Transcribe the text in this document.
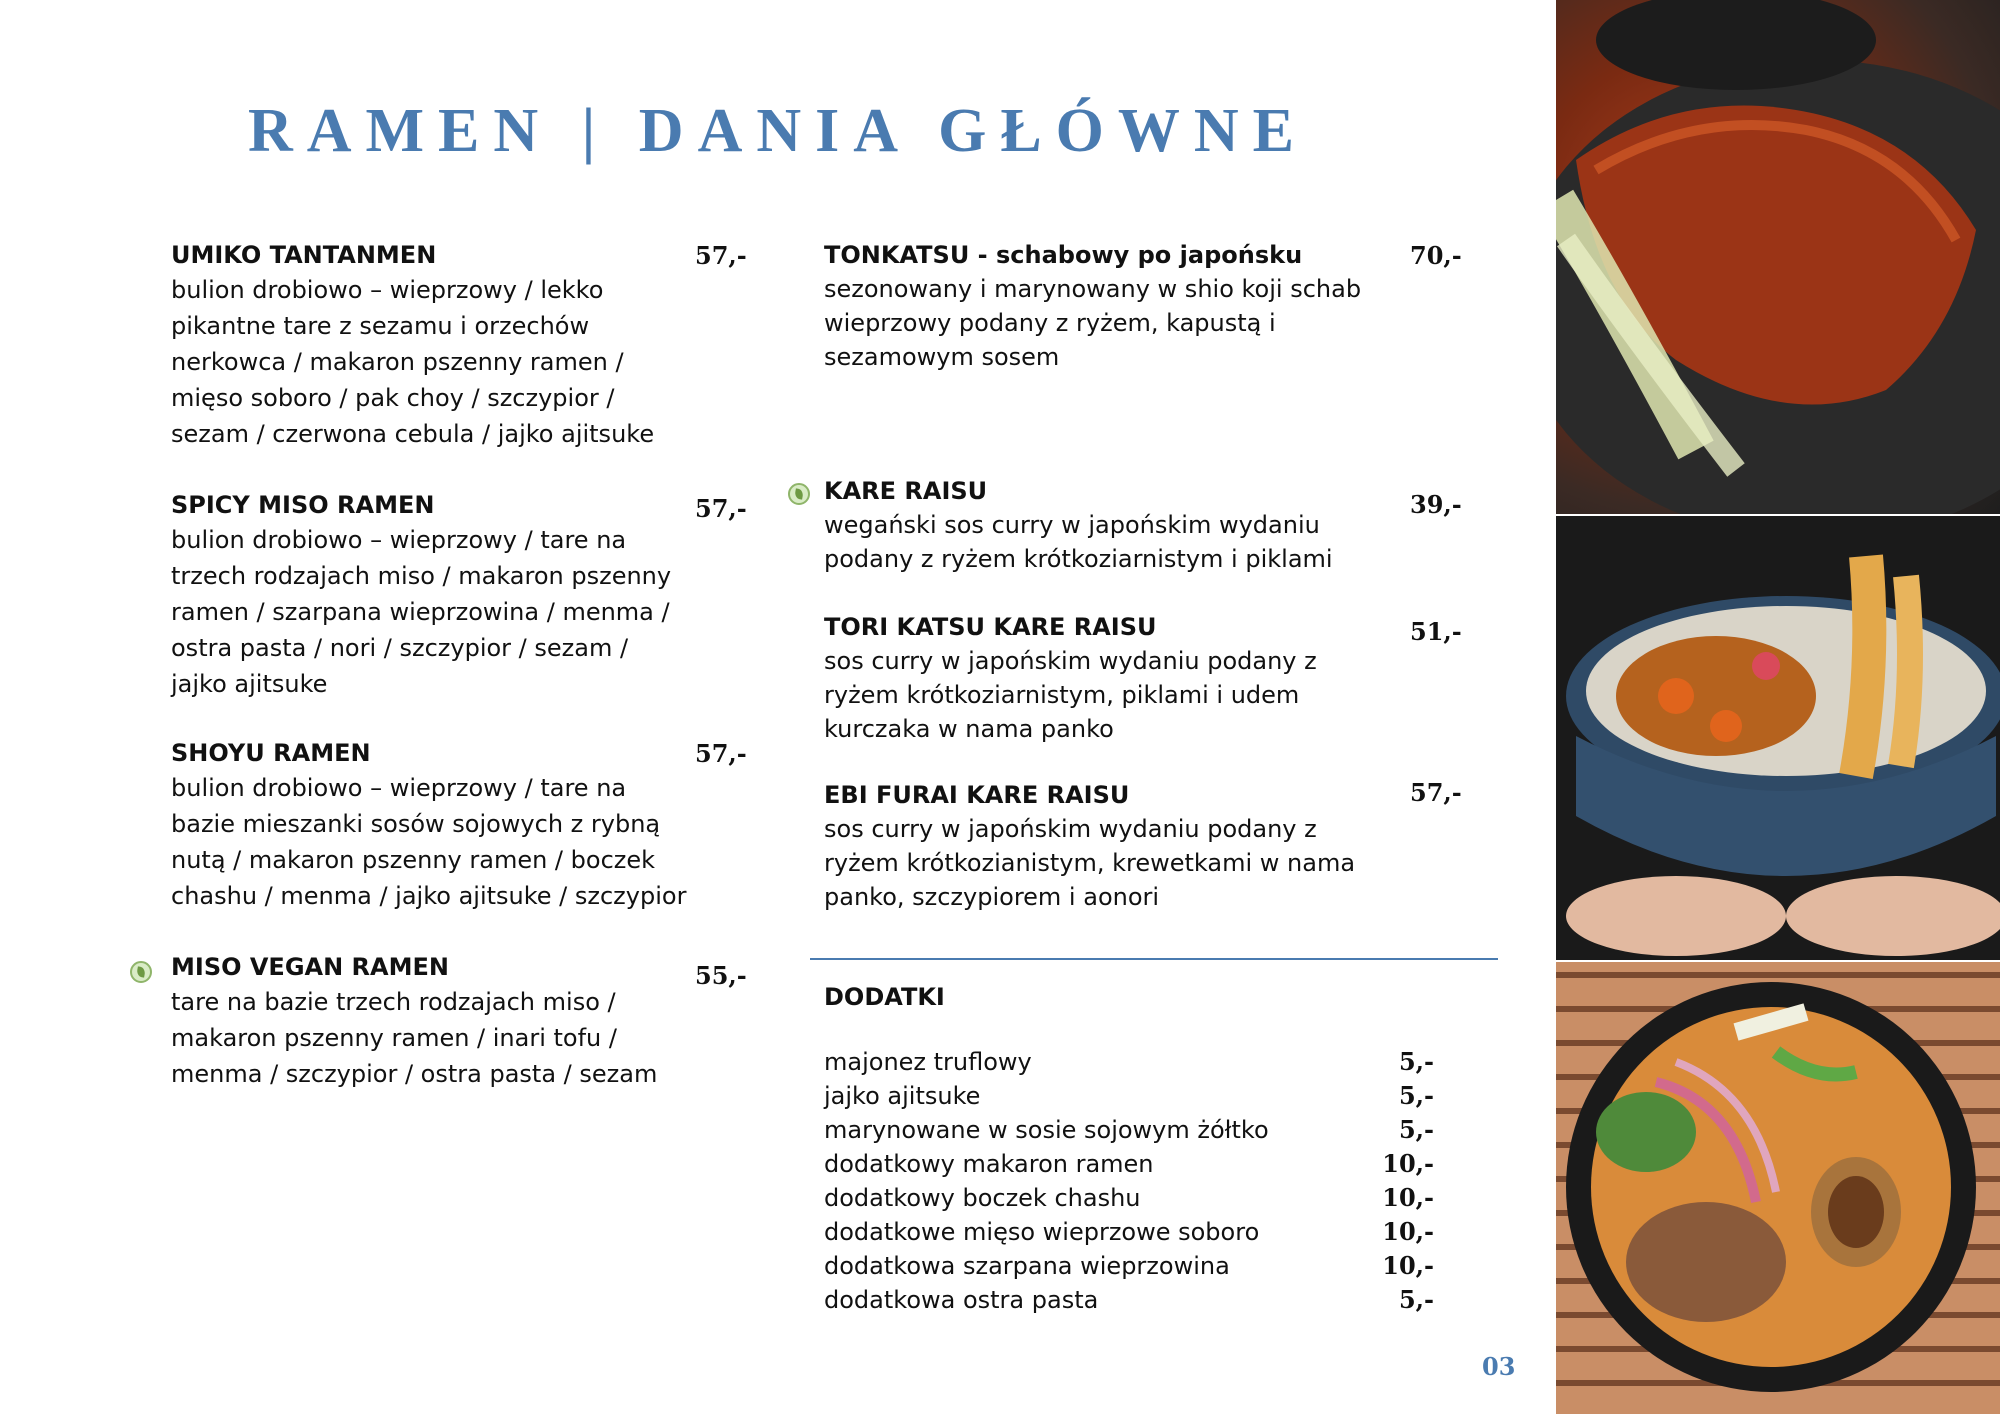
RAMEN | DANIA GŁÓWNE

UMIKO TANTANMEN

bulion drobiowo – wieprzowy / lekko pikantne tare z sezamu i orzechów nerkowca / makaron pszenny ramen / mięso soboro / pak choy / szczypior / sezam / czerwona cebula / jajko ajitsuke

57,-

SPICY MISO RAMEN

bulion drobiowo – wieprzowy / tare na trzech rodzajach miso / makaron pszenny ramen / szarpana wieprzowina / menma / ostra pasta / nori / szczypior / sezam / jajko ajitsuke

57,-

SHOYU RAMEN

bulion drobiowo – wieprzowy / tare na bazie mieszanki sosów sojowych z rybną nutą / makaron pszenny ramen / boczek chashu / menma / jajko ajitsuke / szczypior

57,-

MISO VEGAN RAMEN

tare na bazie trzech rodzajach miso / makaron pszenny ramen / inari tofu / menma / szczypior / ostra pasta / sezam

55,-

TONKATSU - schabowy po japońsku

sezonowany i marynowany w shio koji schab wieprzowy podany z ryżem, kapustą i sezamowym sosem

70,-

KARE RAISU

wegański sos curry w japońskim wydaniu podany z ryżem krótkoziarnistym i piklami

39,-

TORI KATSU KARE RAISU

sos curry w japońskim wydaniu podany z ryżem krótkoziarnistym, piklami i udem kurczaka w nama panko

51,-

EBI FURAI KARE RAISU

sos curry w japońskim wydaniu podany z ryżem krótkozianistym, krewetkami w nama panko, szczypiorem i aonori

57,-
DODATKI
majonez truflowy	5,-
jajko ajitsuke	5,-
marynowane w sosie sojowym żółtko	5,-
dodatkowy makaron ramen	10,-
dodatkowy boczek chashu	10,-
dodatkowe mięso wieprzowe soboro	10,-
dodatkowa szarpana wieprzowina	10,-
dodatkowa ostra pasta	5,-
03
